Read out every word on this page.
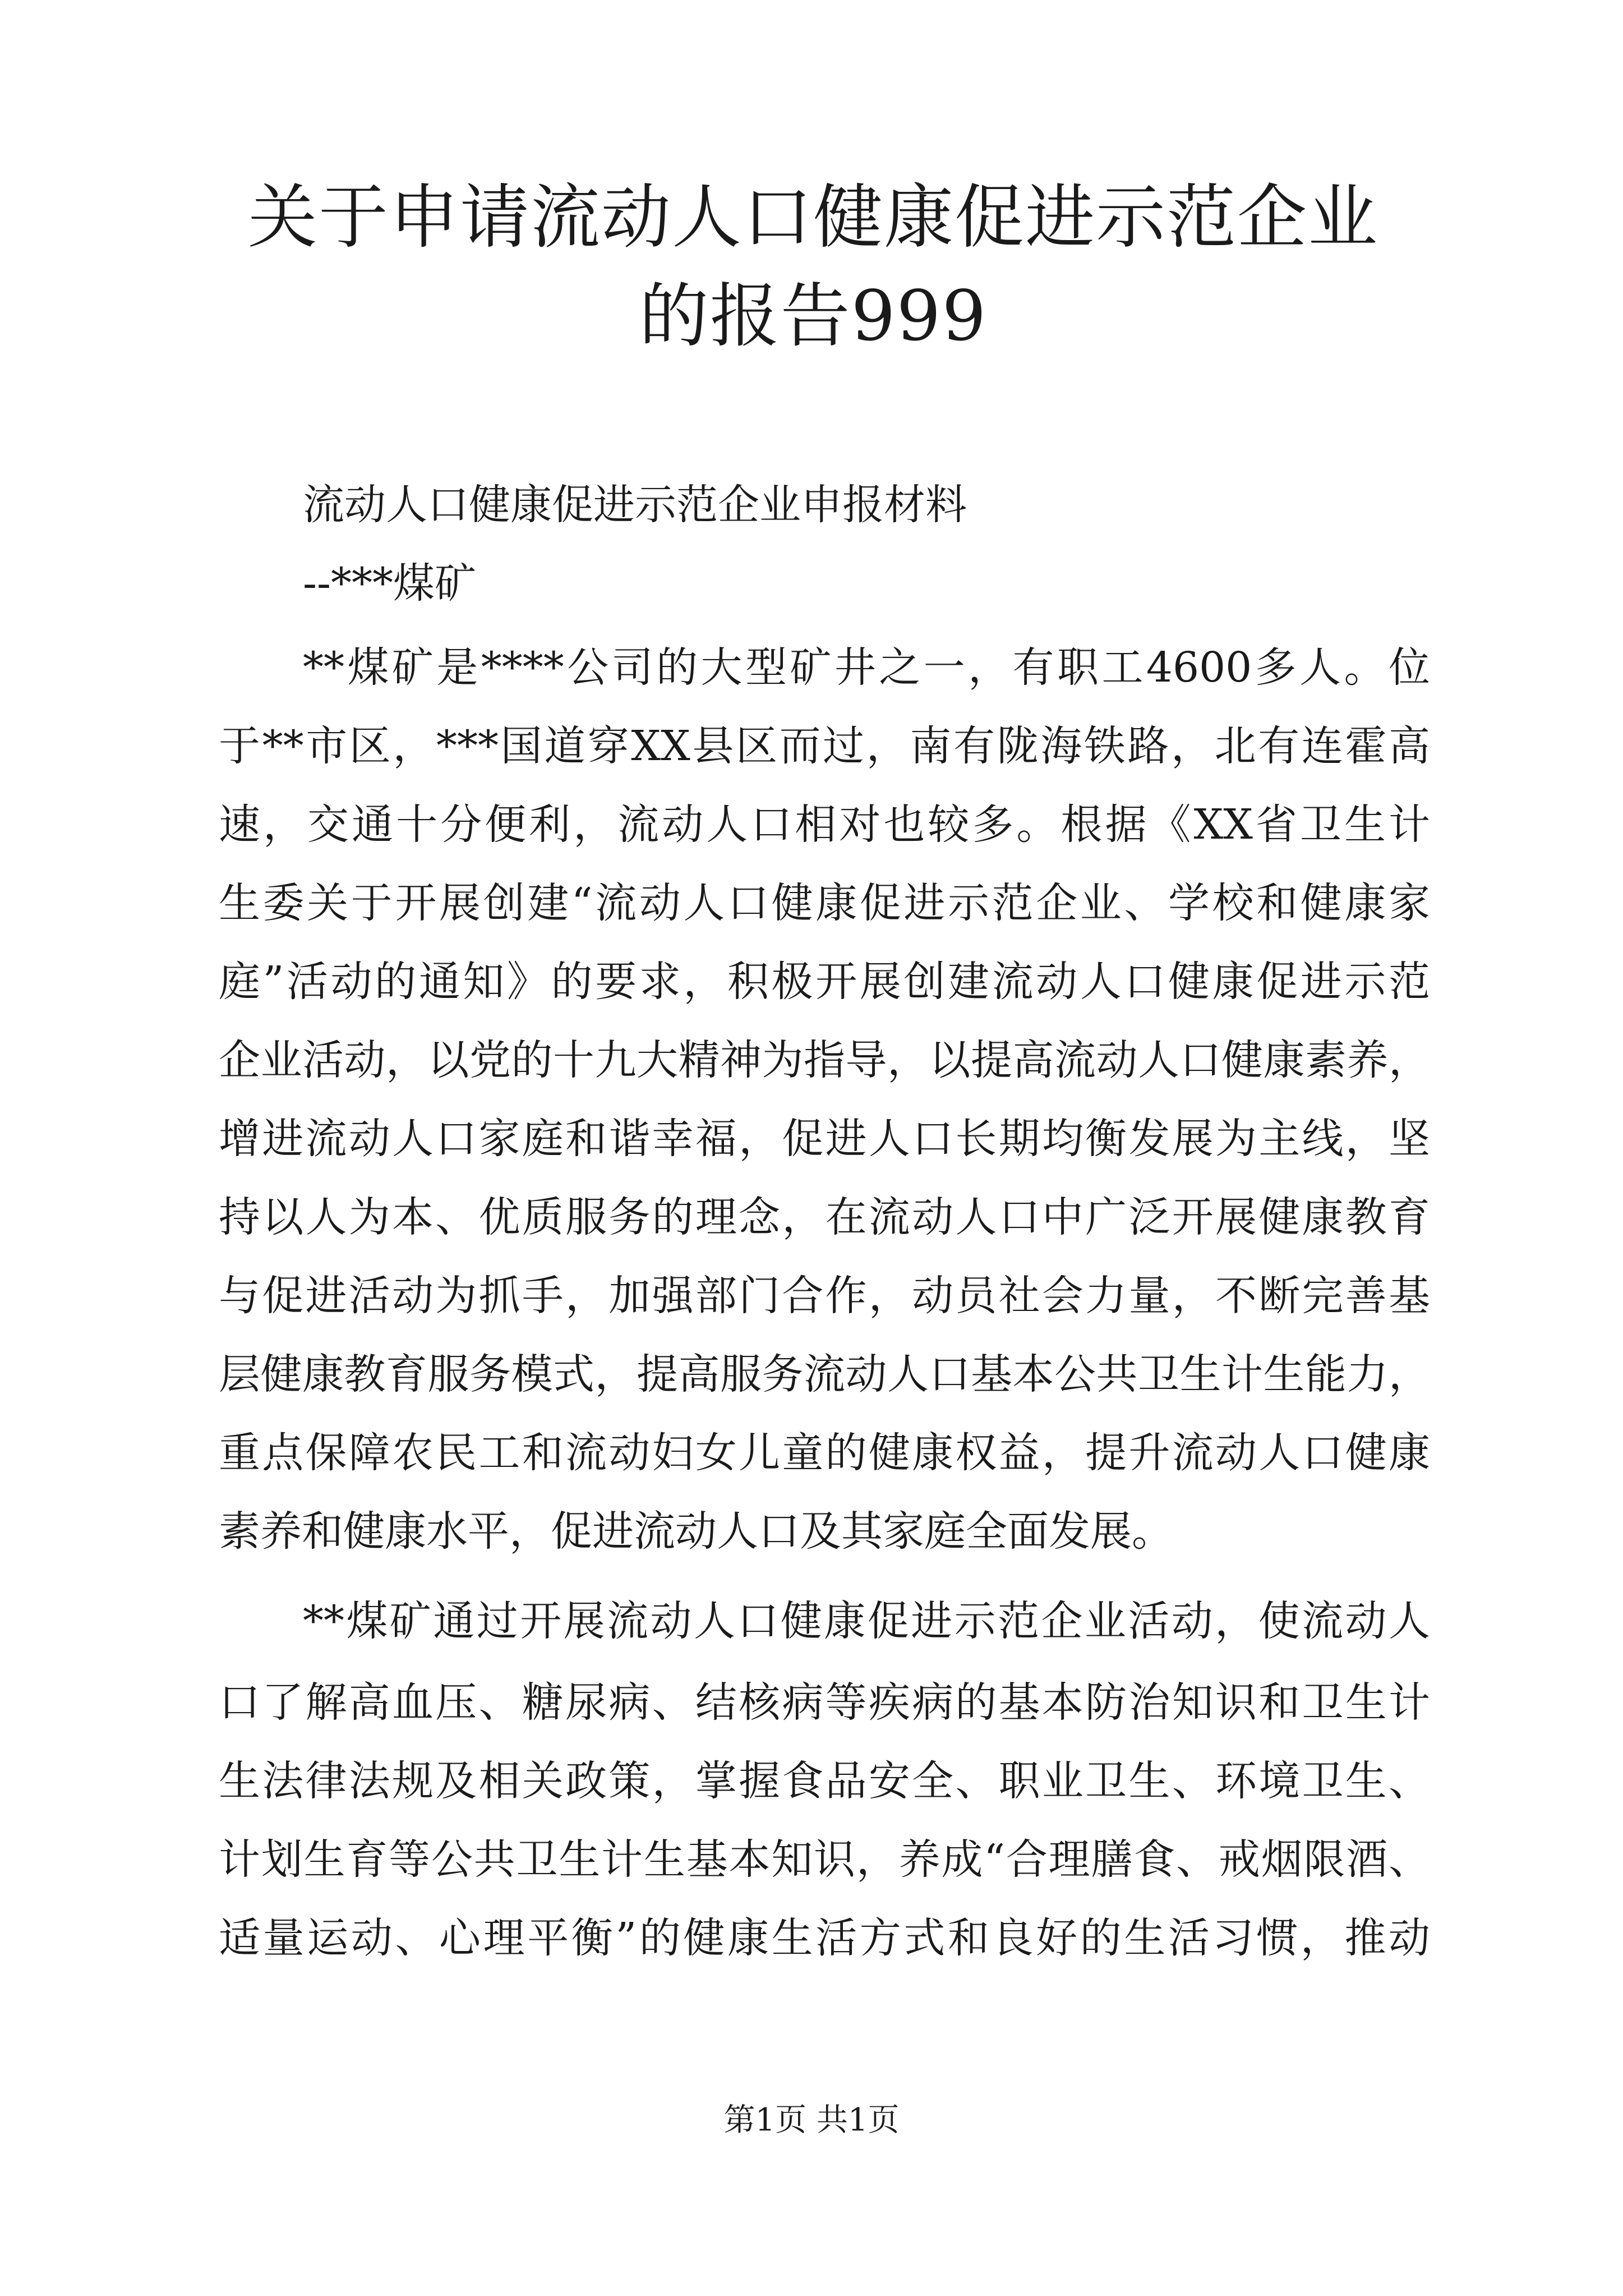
关于申请流动人口健康促进示范企业的报告999

流动人口健康促进示范企业申报材料

--***煤矿

**煤矿是****公司的大型矿井之一，有职工4600多人。位

于**市区，***国道穿XX县区而过，南有陇海铁路，北有连霍高

速，交通十分便利，流动人口相对也较多。根据《XX省卫生计

生委关于开展创建“流动人口健康促进示范企业、学校和健康家

庭”活动的通知》的要求，积极开展创建流动人口健康促进示范

企业活动，以党的十九大精神为指导，以提高流动人口健康素养，

增进流动人口家庭和谐幸福，促进人口长期均衡发展为主线，坚

持以人为本、优质服务的理念，在流动人口中广泛开展健康教育

与促进活动为抓手，加强部门合作，动员社会力量，不断完善基

层健康教育服务模式，提高服务流动人口基本公共卫生计生能力，

重点保障农民工和流动妇女儿童的健康权益，提升流动人口健康

素养和健康水平，促进流动人口及其家庭全面发展。

**煤矿通过开展流动人口健康促进示范企业活动，使流动人

口了解高血压、糖尿病、结核病等疾病的基本防治知识和卫生计

生法律法规及相关政策，掌握食品安全、职业卫生、环境卫生、

计划生育等公共卫生计生基本知识，养成“合理膳食、戒烟限酒、

适量运动、心理平衡”的健康生活方式和良好的生活习惯，推动

第1页 共1页
